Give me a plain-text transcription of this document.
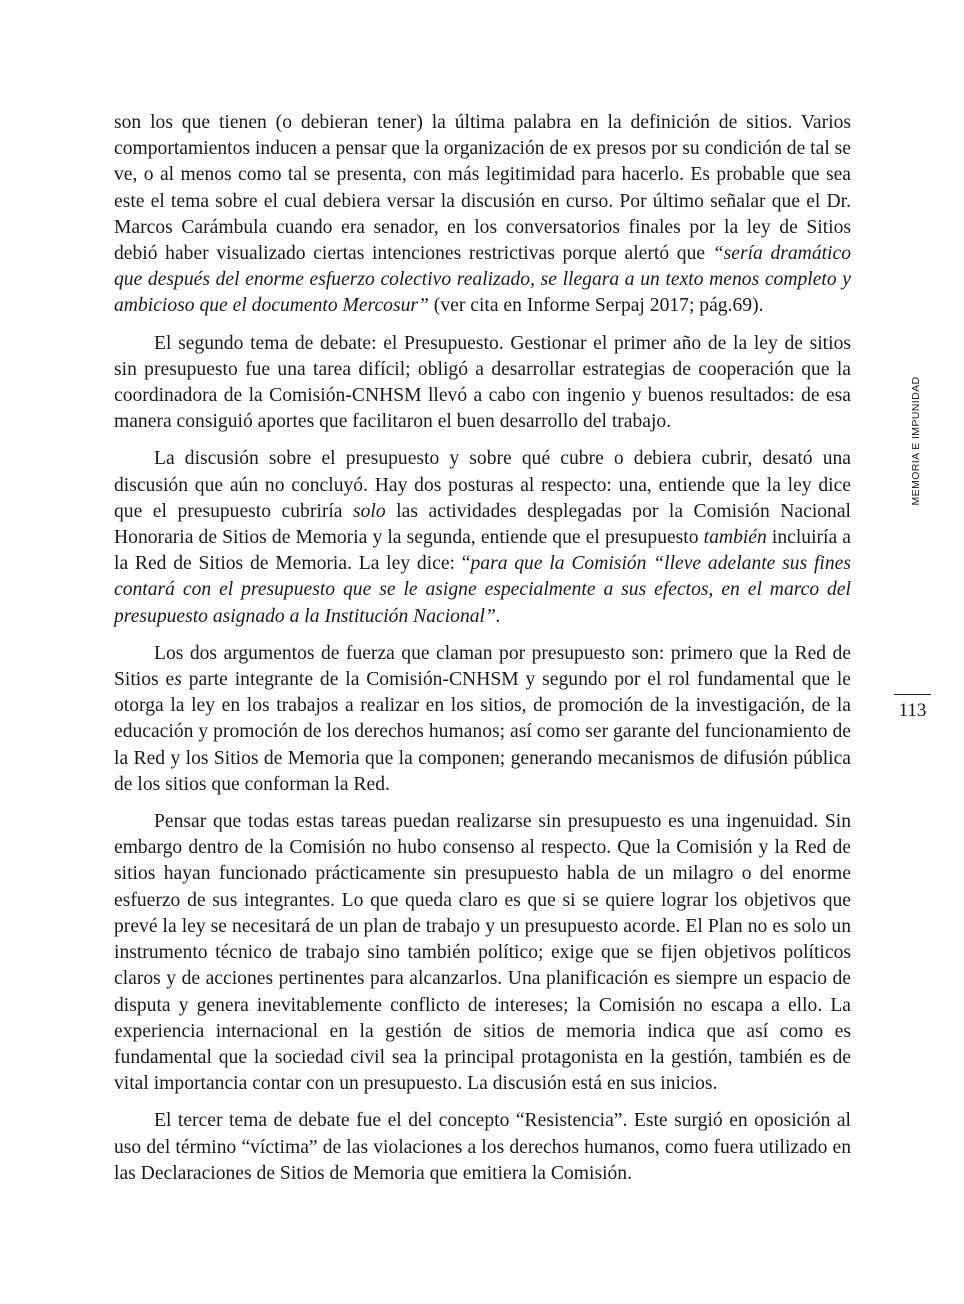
son los que tienen (o debieran tener) la última palabra en la definición de sitios. Varios comportamientos inducen a pensar que la organización de ex presos por su condición de tal se ve, o al menos como tal se presenta, con más legitimidad para hacerlo. Es probable que sea este el tema sobre el cual debiera versar la discusión en curso. Por último señalar que el Dr. Marcos Carámbula cuando era senador, en los conversatorios finales por la ley de Sitios debió haber visualizado ciertas intenciones restrictivas porque alertó que “sería dramático que después del enorme esfuerzo colectivo realizado, se llegara a un texto menos completo y ambicioso que el documento Mercosur” (ver cita en Informe Serpaj 2017; pág.69).

El segundo tema de debate: el Presupuesto. Gestionar el primer año de la ley de sitios sin presupuesto fue una tarea difícil; obligó a desarrollar estrategias de cooperación que la coordinadora de la Comisión-CNHSM llevó a cabo con ingenio y buenos resultados: de esa manera consiguió aportes que facilitaron el buen desarrollo del trabajo.

La discusión sobre el presupuesto y sobre qué cubre o debiera cubrir, desató una discusión que aún no concluyó. Hay dos posturas al respecto: una, entiende que la ley dice que el presupuesto cubriría solo las actividades desplegadas por la Comisión Nacional Honoraria de Sitios de Memoria y la segunda, entiende que el presupuesto también incluiría a la Red de Sitios de Memoria. La ley dice: “para que la Comisión “lleve adelante sus fines contará con el presupuesto que se le asigne especialmente a sus efectos, en el marco del presupuesto asignado a la Institución Nacional”.

Los dos argumentos de fuerza que claman por presupuesto son: primero que la Red de Sitios es parte integrante de la Comisión-CNHSM y segundo por el rol fundamental que le otorga la ley en los trabajos a realizar en los sitios, de promoción de la investigación, de la educación y promoción de los derechos humanos; así como ser garante del funcionamiento de la Red y los Sitios de Memoria que la componen; generando mecanismos de difusión pública de los sitios que conforman la Red.

Pensar que todas estas tareas puedan realizarse sin presupuesto es una ingenuidad. Sin embargo dentro de la Comisión no hubo consenso al respecto. Que la Comisión y la Red de sitios hayan funcionado prácticamente sin presupuesto habla de un milagro o del enorme esfuerzo de sus integrantes. Lo que queda claro es que si se quiere lograr los objetivos que prevé la ley se necesitará de un plan de trabajo y un presupuesto acorde. El Plan no es solo un instrumento técnico de trabajo sino también político; exige que se fijen objetivos políticos claros y de acciones pertinentes para alcanzarlos. Una planificación es siempre un espacio de disputa y genera inevitablemente conflicto de intereses; la Comisión no escapa a ello. La experiencia internacional en la gestión de sitios de memoria indica que así como es fundamental que la sociedad civil sea la principal protagonista en la gestión, también es de vital importancia contar con un presupuesto. La discusión está en sus inicios.

El tercer tema de debate fue el del concepto “Resistencia”. Este surgió en oposición al uso del término “víctima” de las violaciones a los derechos humanos, como fuera utilizado en las Declaraciones de Sitios de Memoria que emitiera la Comisión.

MEMORIA E IMPUNIDAD
113
